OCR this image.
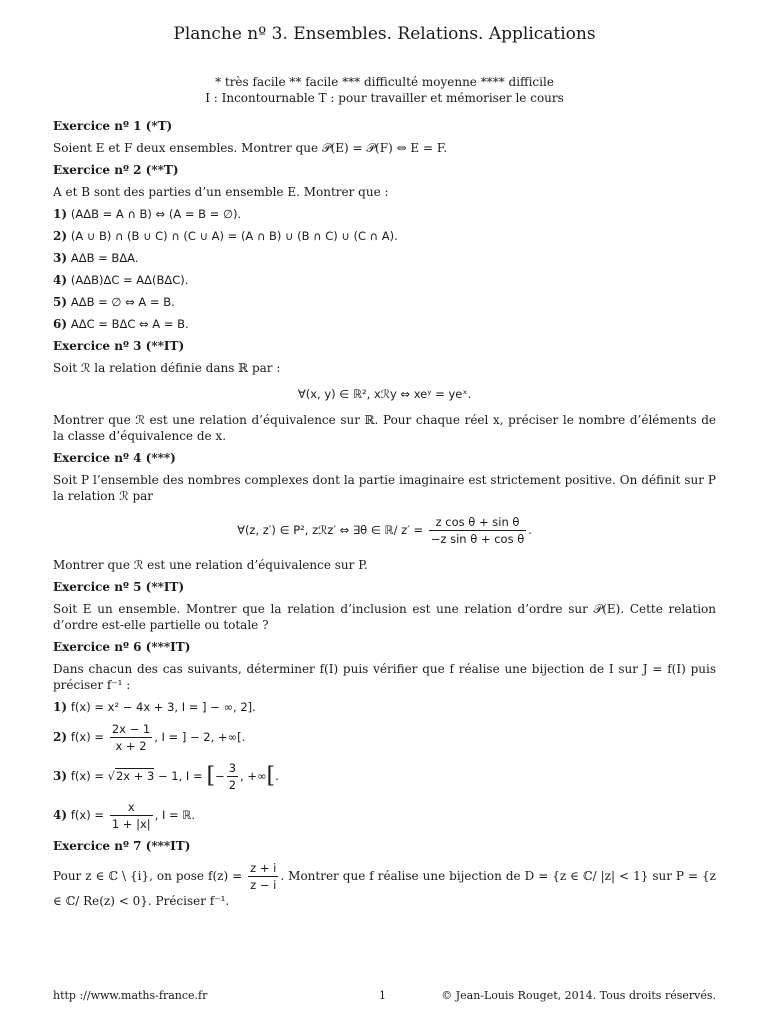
Planche nº 3. Ensembles. Relations. Applications
* très facile ** facile *** difficulté moyenne **** difficile
I : Incontournable T : pour travailler et mémoriser le cours
Exercice nº 1 (*T)
Soient E et F deux ensembles. Montrer que 𝒫(E) = 𝒫(F) ⇔ E = F.
Exercice nº 2 (**T)
A et B sont des parties d’un ensemble E. Montrer que :
1) (AΔB = A ∩ B) ⇔ (A = B = ∅).
2) (A ∪ B) ∩ (B ∪ C) ∩ (C ∪ A) = (A ∩ B) ∪ (B ∩ C) ∪ (C ∩ A).
3) AΔB = BΔA.
4) (AΔB)ΔC = AΔ(BΔC).
5) AΔB = ∅ ⇔ A = B.
6) AΔC = BΔC ⇔ A = B.
Exercice nº 3 (**IT)
Soit ℛ la relation définie dans ℝ par :
∀(x, y) ∈ ℝ², xℛy ⇔ xeʸ = yeˣ.
Montrer que ℛ est une relation d’équivalence sur ℝ. Pour chaque réel x, préciser le nombre d’éléments de la classe d’équivalence de x.
Exercice nº 4 (***)
Soit P l’ensemble des nombres complexes dont la partie imaginaire est strictement positive. On définit sur P la relation ℛ par
∀(z, z′) ∈ P², zℛz′ ⇔ ∃θ ∈ ℝ/ $z' = \frac{\text{z cos θ + sin θ}}{\text{−z sin θ + cos θ}}$ .
Montrer que ℛ est une relation d’équivalence sur P.
Exercice nº 5 (**IT)
Soit E un ensemble. Montrer que la relation d’inclusion est une relation d’ordre sur 𝒫(E). Cette relation d’ordre est-elle partielle ou totale ?
Exercice nº 6 (***IT)
Dans chacun des cas suivants, déterminer f(I) puis vérifier que f réalise une bijection de I sur J = f(I) puis préciser f⁻¹ :
1) f(x) = x² − 4x + 3, I = ] − ∞, 2].
2) $f(x) = \frac{2x - 1}{x + 2}$ , I = ] − 2, +∞[.
3) f(x) = √2x + 3 − 1, I = [− $\frac{3}{2}$ , +∞[.
4) $f(x) = \frac{x}{1 + |x|}$ , I = ℝ.
Exercice nº 7 (***IT)
Pour z ∈ ℂ \ {i}, on pose $f(z) = \frac{z + i}{z - i}$ . Montrer que f réalise une bijection de D = {z ∈ ℂ/ |z| < 1} sur P = {z ∈ ℂ/ Re(z) < 0}. Préciser f⁻¹.
http ://www.maths-france.fr	1	© Jean-Louis Rouget, 2014. Tous droits réservés.
